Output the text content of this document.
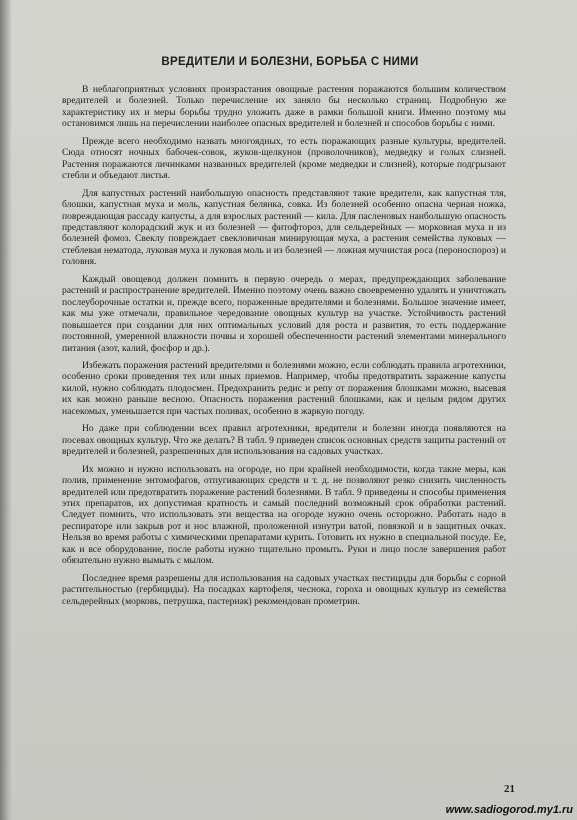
ВРЕДИТЕЛИ И БОЛЕЗНИ, БОРЬБА С НИМИ

В неблагоприятных условиях произрастания овощные растения поражаются большим количеством вредителей и болезней. Только перечисление их заняло бы несколько страниц. Подробную же характеристику их и меры борьбы трудно уложить даже в рамки большой книги. Именно поэтому мы остановимся лишь на перечислении наиболее опасных вредителей и болезней и способов борьбы с ними.

Прежде всего необходимо назвать многоядных, то есть поражающих разные культуры, вредителей. Сюда относят ночных бабочек-совок, жуков-щелкунов (проволочников), медведку и голых слизней. Растения поражаются личинками названных вредителей (кроме медведки и слизней), которые подгрызают стебли и объедают листья.

Для капустных растений наибольшую опасность представляют такие вредители, как капустная тля, блошки, капустная муха и моль, капустная белянка, совка. Из болезней особенно опасна черная ножка, повреждающая рассаду капусты, а для взрослых растений — кила. Для пасленовых наибольшую опасность представляют колорадский жук и из болезней — фитофтороз, для сельдерейных — морковная муха и из болезней фомоз. Свеклу повреждает свекловичная минирующая муха, а растения семейства луковых — стеблевая нематода, луковая муха и луковая моль и из болезней — ложная мучнистая роса (пероноспороз) и головня.

Каждый овощевод должен помнить в первую очередь о мерах, предупреждающих заболевание растений и распространение вредителей. Именно поэтому очень важно своевременно удалять и уничтожать послеуборочные остатки и, прежде всего, пораженные вредителями и болезнями. Большое значение имеет, как мы уже отмечали, правильное чередование овощных культур на участке. Устойчивость растений повышается при создании для них оптимальных условий для роста и развития, то есть поддержание постоянной, умеренной влажности почвы и хорошей обеспеченности растений элементами минерального питания (азот, калий, фосфор и др.).

Избежать поражения растений вредителями и болезнями можно, если соблюдать правила агротехники, особенно сроки проведения тех или иных приемов. Например, чтобы предотвратить заражение капусты килой, нужно соблюдать плодосмен. Предохранить редис и репу от поражения блошками можно, высевая их как можно раньше весною. Опасность поражения растений блошками, как и целым рядом других насекомых, уменьшается при частых поливах, особенно в жаркую погоду.

Но даже при соблюдении всех правил агротехники, вредители и болезни иногда появляются на посевах овощных культур. Что же делать? В табл. 9 приведен список основных средств защиты растений от вредителей и болезней, разрешенных для использования на садовых участках.

Их можно и нужно использовать на огороде, но при крайней необходимости, когда такие меры, как полив, применение энтомофагов, отпугивающих средств и т. д. не позволяют резко снизить численность вредителей или предотвратить поражение растений болезнями. В табл. 9 приведены и способы применения этих препаратов, их допустимая кратность и самый последний возможный срок обработки растений. Следует помнить, что использовать эти вещества на огороде нужно очень осторожно. Работать надо в респираторе или закрыв рот и нос влажной, проложенной изнутри ватой, повязкой и в защитных очках. Нельзя во время работы с химическими препаратами курить. Готовить их нужно в специальной посуде. Ее, как и все оборудование, после работы нужно тщательно промыть. Руки и лицо после завершения работ обязательно нужно вымыть с мылом.

Последнее время разрешены для использования на садовых участках пестициды для борьбы с сорной растительностью (гербициды). На посадках картофеля, чеснока, гороха и овощных культур из семейства сельдерейных (морковь, петрушка, пастернак) рекомендован прометрин.

21
www.sadiogorod.my1.ru
